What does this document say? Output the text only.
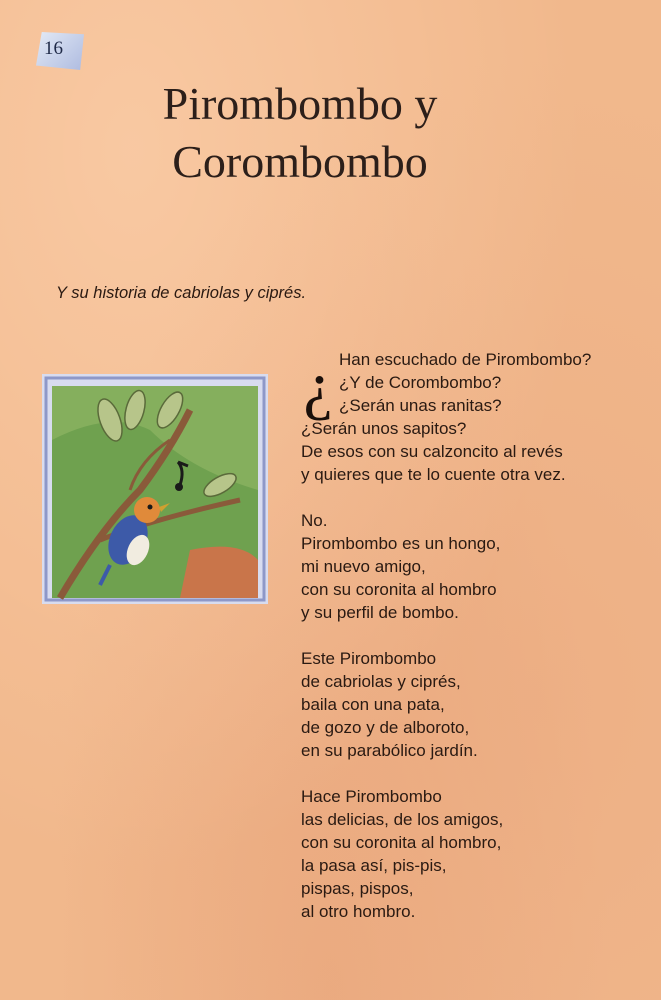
16
Pirombombo y
Corombombo
Y su historia de cabriolas y ciprés.
¿ Han escuchado de Pirombombo?
¿Y de Corombombo?
¿Serán unas ranitas?
¿Serán unos sapitos?
De esos con su calzoncito al revés
y quieres que te lo cuente otra vez.
No.
Pirombombo es un hongo,
mi nuevo amigo,
con su coronita al hombro
y su perfil de bombo.
Este Pirombombo
de cabriolas y ciprés,
baila con una pata,
de gozo y de alboroto,
en su parabólico jardín.
Hace Pirombombo
las delicias, de los amigos,
con su coronita al hombro,
la pasa así, pis-pis,
pispas, pispos,
al otro hombro.
